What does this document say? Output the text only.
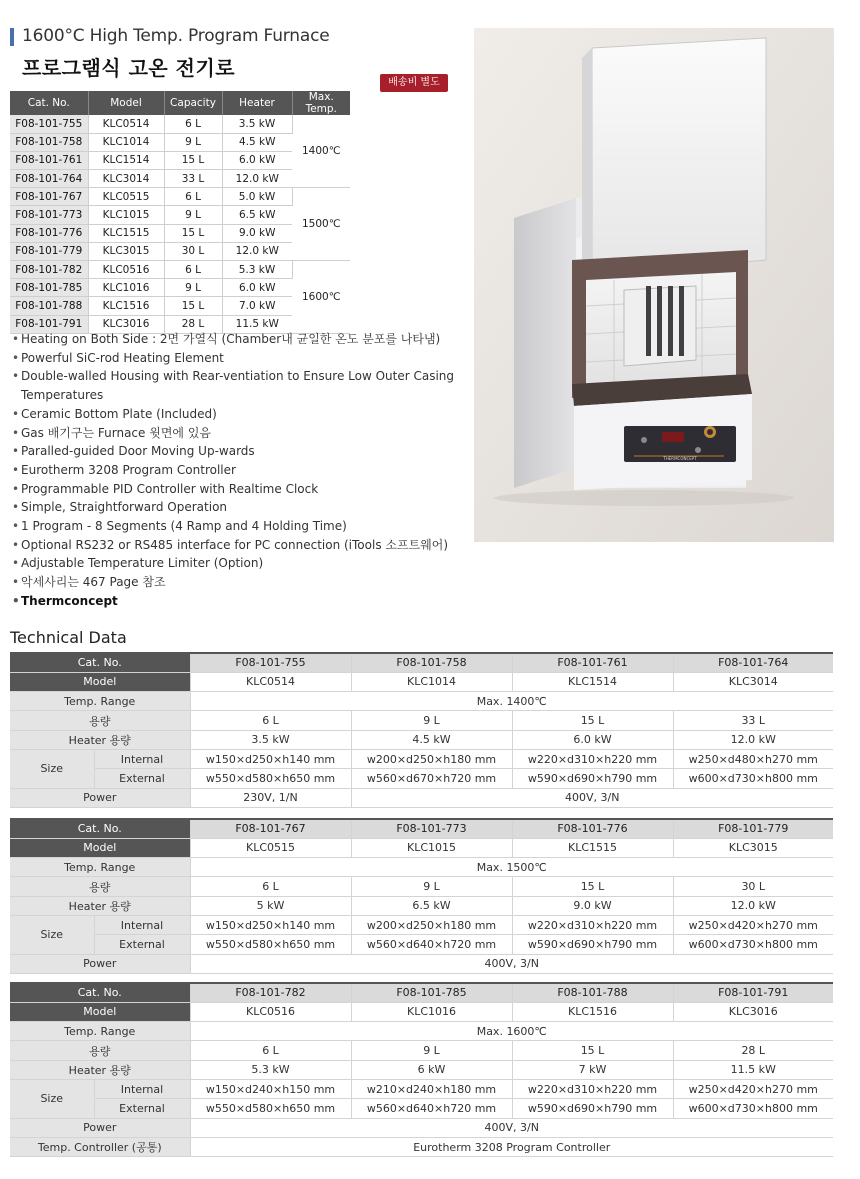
1600°C High Temp. Program Furnace
프로그램식 고온 전기로
배송비 별도
Cat. No.	Model	Capacity	Heater	Max. Temp.
F08-101-755	KLC0514	6 L	3.5 kW	1400℃
F08-101-758	KLC1014	9 L	4.5 kW	
F08-101-761	KLC1514	15 L	6.0 kW	
F08-101-764	KLC3014	33 L	12.0 kW	
F08-101-767	KLC0515	6 L	5.0 kW	1500℃
F08-101-773	KLC1015	9 L	6.5 kW	
F08-101-776	KLC1515	15 L	9.0 kW	
F08-101-779	KLC3015	30 L	12.0 kW	
F08-101-782	KLC0516	6 L	5.3 kW	1600℃
F08-101-785	KLC1016	9 L	6.0 kW	
F08-101-788	KLC1516	15 L	7.0 kW	
F08-101-791	KLC3016	28 L	11.5 kW	
• Heating on Both Side : 2면 가열식 (Chamber내 균일한 온도 분포를 나타냄)
• Powerful SiC-rod Heating Element
• Double-walled Housing with Rear-ventiation to Ensure Low Outer Casing Temperatures
• Ceramic Bottom Plate (Included)
• Gas 배기구는 Furnace 윗면에 있음
• Paralled-guided Door Moving Up-wards
• Eurotherm 3208 Program Controller
• Programmable PID Controller with Realtime Clock
• Simple, Straightforward Operation
• 1 Program - 8 Segments (4 Ramp and 4 Holding Time)
• Optional RS232 or RS485 interface for PC connection (iTools 소프트웨어)
• Adjustable Temperature Limiter (Option)
• 악세사리는 467 Page 참조
• Thermconcept
THERMCONCEPT
Technical Data
Cat. No.		F08-101-755	F08-101-758	F08-101-761	F08-101-764
Model		KLC0514	KLC1014	KLC1514	KLC3014
Temp. Range		Max. 1400℃			
용량		6 L	9 L	15 L	33 L
Heater 용량		3.5 kW	4.5 kW	6.0 kW	12.0 kW
Size	Internal	w150×d250×h140 mm	w200×d250×h180 mm	w220×d310×h220 mm	w250×d480×h270 mm
	External	w550×d580×h650 mm	w560×d670×h720 mm	w590×d690×h790 mm	w600×d730×h800 mm
Power		230V, 1/N	400V, 3/N		
Cat. No.		F08-101-767	F08-101-773	F08-101-776	F08-101-779
Model		KLC0515	KLC1015	KLC1515	KLC3015
Temp. Range		Max. 1500℃			
용량		6 L	9 L	15 L	30 L
Heater 용량		5 kW	6.5 kW	9.0 kW	12.0 kW
Size	Internal	w150×d250×h140 mm	w200×d250×h180 mm	w220×d310×h220 mm	w250×d420×h270 mm
	External	w550×d580×h650 mm	w560×d640×h720 mm	w590×d690×h790 mm	w600×d730×h800 mm
Power		400V, 3/N			
Cat. No.		F08-101-782	F08-101-785	F08-101-788	F08-101-791
Model		KLC0516	KLC1016	KLC1516	KLC3016
Temp. Range		Max. 1600℃			
용량		6 L	9 L	15 L	28 L
Heater 용량		5.3 kW	6 kW	7 kW	11.5 kW
Size	Internal	w150×d240×h150 mm	w210×d240×h180 mm	w220×d310×h220 mm	w250×d420×h270 mm
	External	w550×d580×h650 mm	w560×d640×h720 mm	w590×d690×h790 mm	w600×d730×h800 mm
Power		400V, 3/N			
Temp. Controller (공통)		Eurotherm 3208 Program Controller			
